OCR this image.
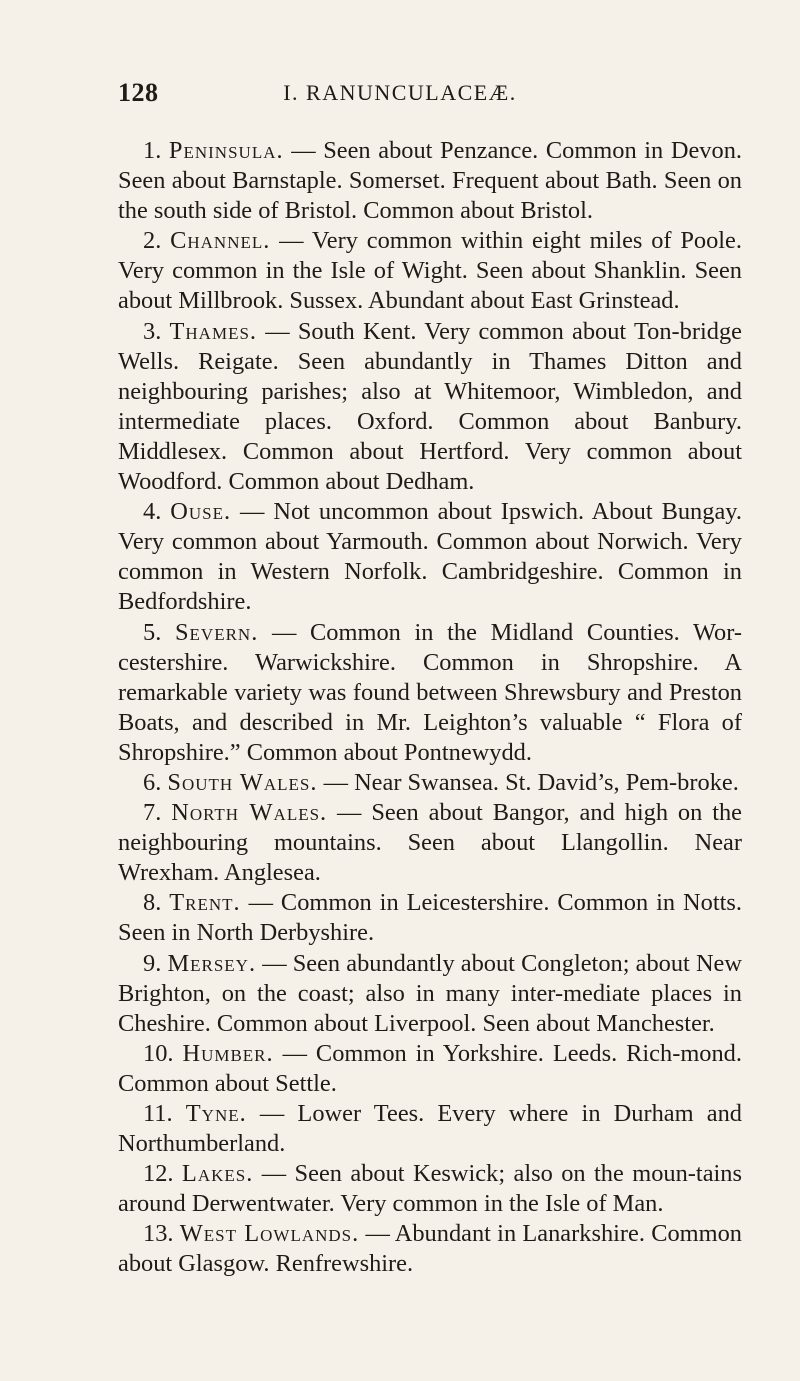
128	I. RANUNCULACEÆ.

1. Peninsula. — Seen about Penzance. Common in Devon. Seen about Barnstaple. Somerset. Frequent about Bath. Seen on the south side of Bristol. Common about Bristol.

2. Channel. — Very common within eight miles of Poole. Very common in the Isle of Wight. Seen about Shanklin. Seen about Millbrook. Sussex. Abundant about East Grinstead.

3. Thames. — South Kent. Very common about Ton-bridge Wells. Reigate. Seen abundantly in Thames Ditton and neighbouring parishes; also at Whitemoor, Wimbledon, and intermediate places. Oxford. Common about Banbury. Middlesex. Common about Hertford. Very common about Woodford. Common about Dedham.

4. Ouse. — Not uncommon about Ipswich. About Bungay. Very common about Yarmouth. Common about Norwich. Very common in Western Norfolk. Cambridgeshire. Common in Bedfordshire.

5. Severn. — Common in the Midland Counties. Wor-cestershire. Warwickshire. Common in Shropshire. A remarkable variety was found between Shrewsbury and Preston Boats, and described in Mr. Leighton’s valuable “ Flora of Shropshire.” Common about Pontnewydd.

6. South Wales. — Near Swansea. St. David’s, Pem-broke.

7. North Wales. — Seen about Bangor, and high on the neighbouring mountains. Seen about Llangollin. Near Wrexham. Anglesea.

8. Trent. — Common in Leicestershire. Common in Notts. Seen in North Derbyshire.

9. Mersey. — Seen abundantly about Congleton; about New Brighton, on the coast; also in many inter-mediate places in Cheshire. Common about Liverpool. Seen about Manchester.

10. Humber. — Common in Yorkshire. Leeds. Rich-mond. Common about Settle.

11. Tyne. — Lower Tees. Every where in Durham and Northumberland.

12. Lakes. — Seen about Keswick; also on the moun-tains around Derwentwater. Very common in the Isle of Man.

13. West Lowlands. — Abundant in Lanarkshire. Common about Glasgow. Renfrewshire.
